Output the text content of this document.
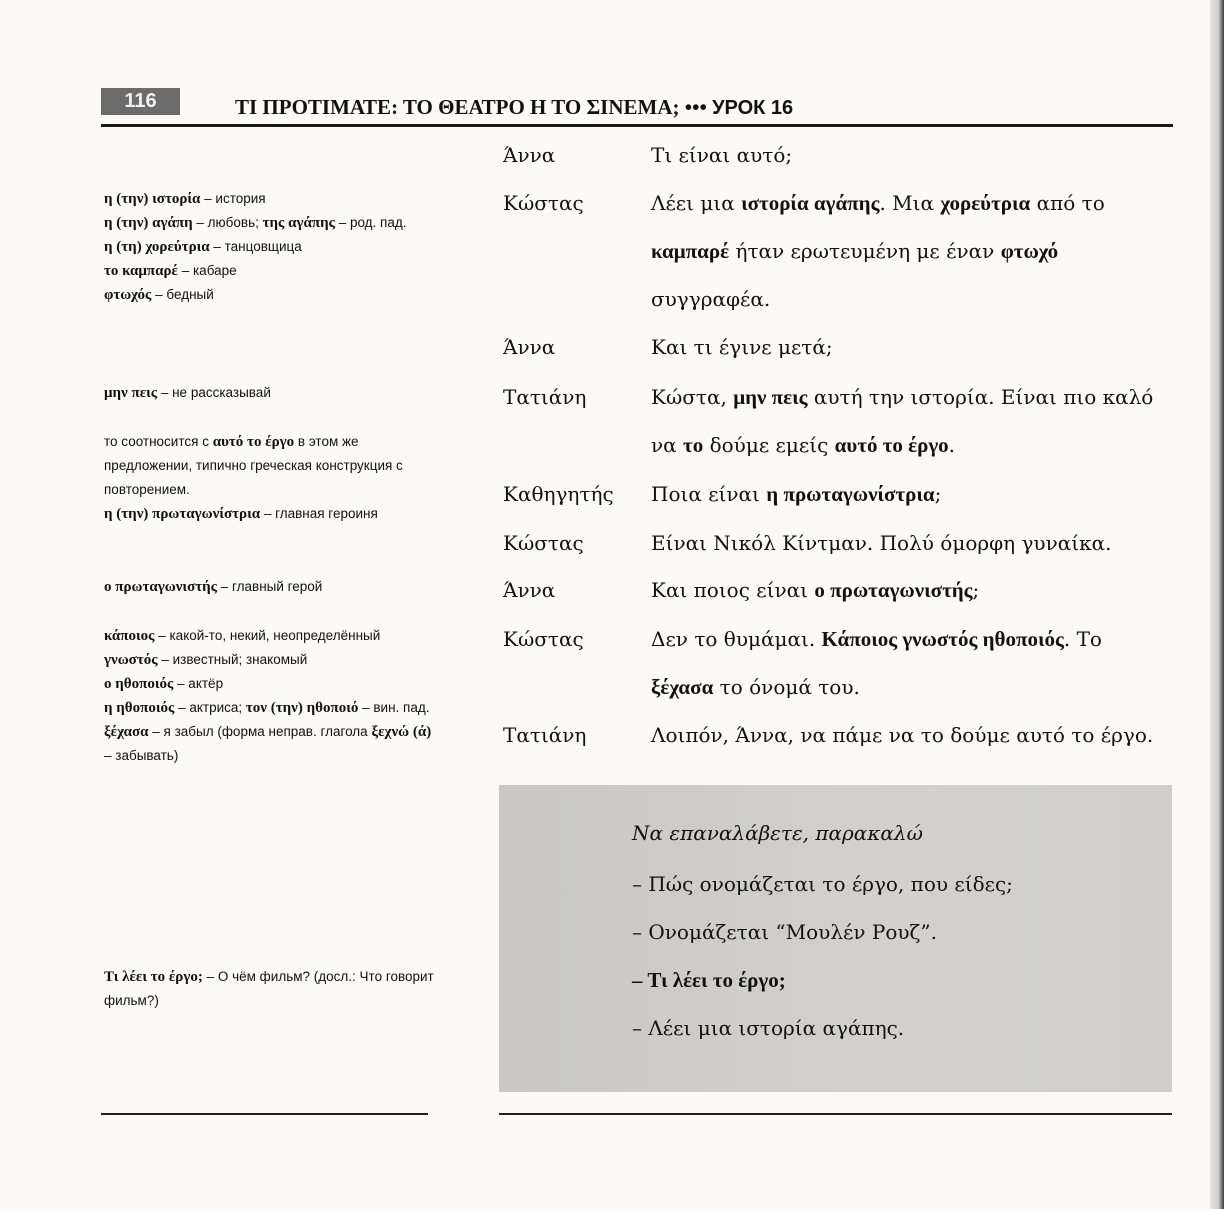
116	ΤΙ ΠΡΟΤΙΜΑΤΕ: ΤΟ ΘΕΑΤΡΟ Η ΤΟ ΣΙΝΕΜΑ; ••• УРОК 16
η (την) ιστορία – история
η (την) αγάπη – любовь; της αγάπης – род. пад.
η (τη) χορεύτρια – танцовщица
το καμπαρέ – кабаре
φτωχός – бедный
μην πεις – не рассказывай
то соотносится с αυτό το έργο в этом же предложении, типично греческая конструкция с повторением.
η (την) πρωταγωνίστρια – главная героиня
ο πρωταγωνιστής – главный герой
κάποιος – какой-то, некий, неопределённый
γνωστός – известный; знакомый
ο ηθοποιός – актёр
η ηθοποιός – актриса; τον (την) ηθοποιό – вин. пад.
ξέχασα – я забыл (форма неправ. глагола ξεχνώ (ά) – забывать)
Τι λέει το έργο; – О чём фильм? (досл.: Что говорит фильм?)
Άννα	Τι είναι αυτό;
Κώστας	Λέει μια ιστορία αγάπης. Μια χορεύτρια από το καμπαρέ ήταν ερωτευμένη με έναν φτωχό συγγραφέα.
Άννα	Και τι έγινε μετά;
Τατιάνη	Κώστα, μην πεις αυτή την ιστορία. Είναι πιο καλό να το δούμε εμείς αυτό το έργο.
Καθηγητής	Ποια είναι η πρωταγωνίστρια;
Κώστας	Είναι Νικόλ Κίντμαν. Πολύ όμορφη γυναίκα.
Άννα	Και ποιος είναι ο πρωταγωνιστής;
Κώστας	Δεν το θυμάμαι. Κάποιος γνωστός ηθοποιός. Το ξέχασα το όνομά του.
Τατιάνη	Λοιπόν, Άννα, να πάμε να το δούμε αυτό το έργο.
Να επαναλάβετε, παρακαλώ
– Πώς ονομάζεται το έργο, που είδες;
– Ονομάζεται “Μουλέν Ρουζ”.
– Τι λέει το έργο;
– Λέει μια ιστορία αγάπης.
